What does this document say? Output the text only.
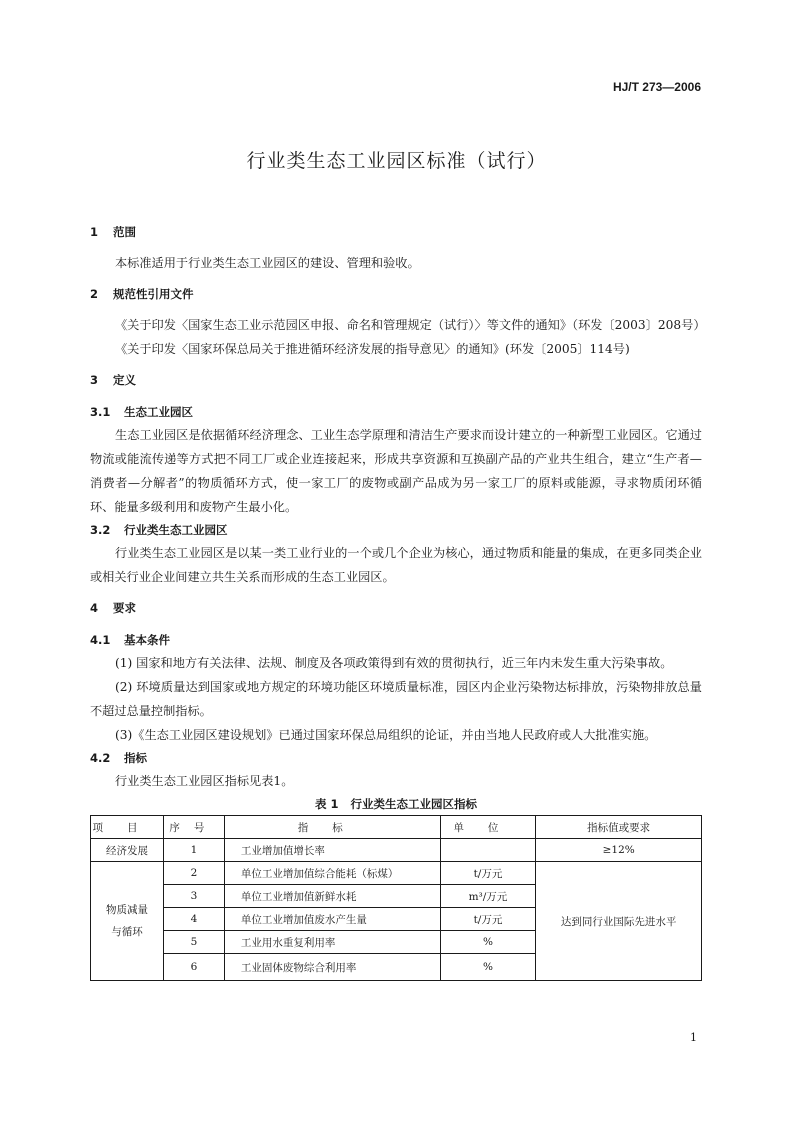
HJ/T 273—2006
行业类生态工业园区标准（试行）
1 范围

本标准适用于行业类生态工业园区的建设、管理和验收。

2 规范性引用文件

《关于印发〈国家生态工业示范园区申报、命名和管理规定（试行）〉等文件的通知》（环发〔2003〕208号）

《关于印发〈国家环保总局关于推进循环经济发展的指导意见〉的通知》(环发〔2005〕114号)

3 定义
3.1 生态工业园区

生态工业园区是依据循环经济理念、工业生态学原理和清洁生产要求而设计建立的一种新型工业园区。它通过物流或能流传递等方式把不同工厂或企业连接起来，形成共享资源和互换副产品的产业共生组合，建立“生产者—消费者—分解者”的物质循环方式，使一家工厂的废物或副产品成为另一家工厂的原料或能源，寻求物质闭环循环、能量多级利用和废物产生最小化。

3.2 行业类生态工业园区

行业类生态工业园区是以某一类工业行业的一个或几个企业为核心，通过物质和能量的集成，在更多同类企业或相关行业企业间建立共生关系而形成的生态工业园区。

4 要求
4.1 基本条件

(1) 国家和地方有关法律、法规、制度及各项政策得到有效的贯彻执行，近三年内未发生重大污染事故。

(2) 环境质量达到国家或地方规定的环境功能区环境质量标准，园区内企业污染物达标排放，污染物排放总量不超过总量控制指标。

(3)《生态工业园区建设规划》已通过国家环保总局组织的论证，并由当地人民政府或人大批准实施。

4.2 指标

行业类生态工业园区指标见表1。

表 1 行业类生态工业园区指标
项目	序号	指标	单位	指标值或要求
经济发展	1	工业增加值增长率		≥12%
物质减量
与循环	2	单位工业增加值综合能耗（标煤）	t/万元	达到同行业国际先进水平
	3	单位工业增加值新鲜水耗	m³/万元	
	4	单位工业增加值废水产生量	t/万元	
	5	工业用水重复利用率	%	
	6	工业固体废物综合利用率	%	
1
